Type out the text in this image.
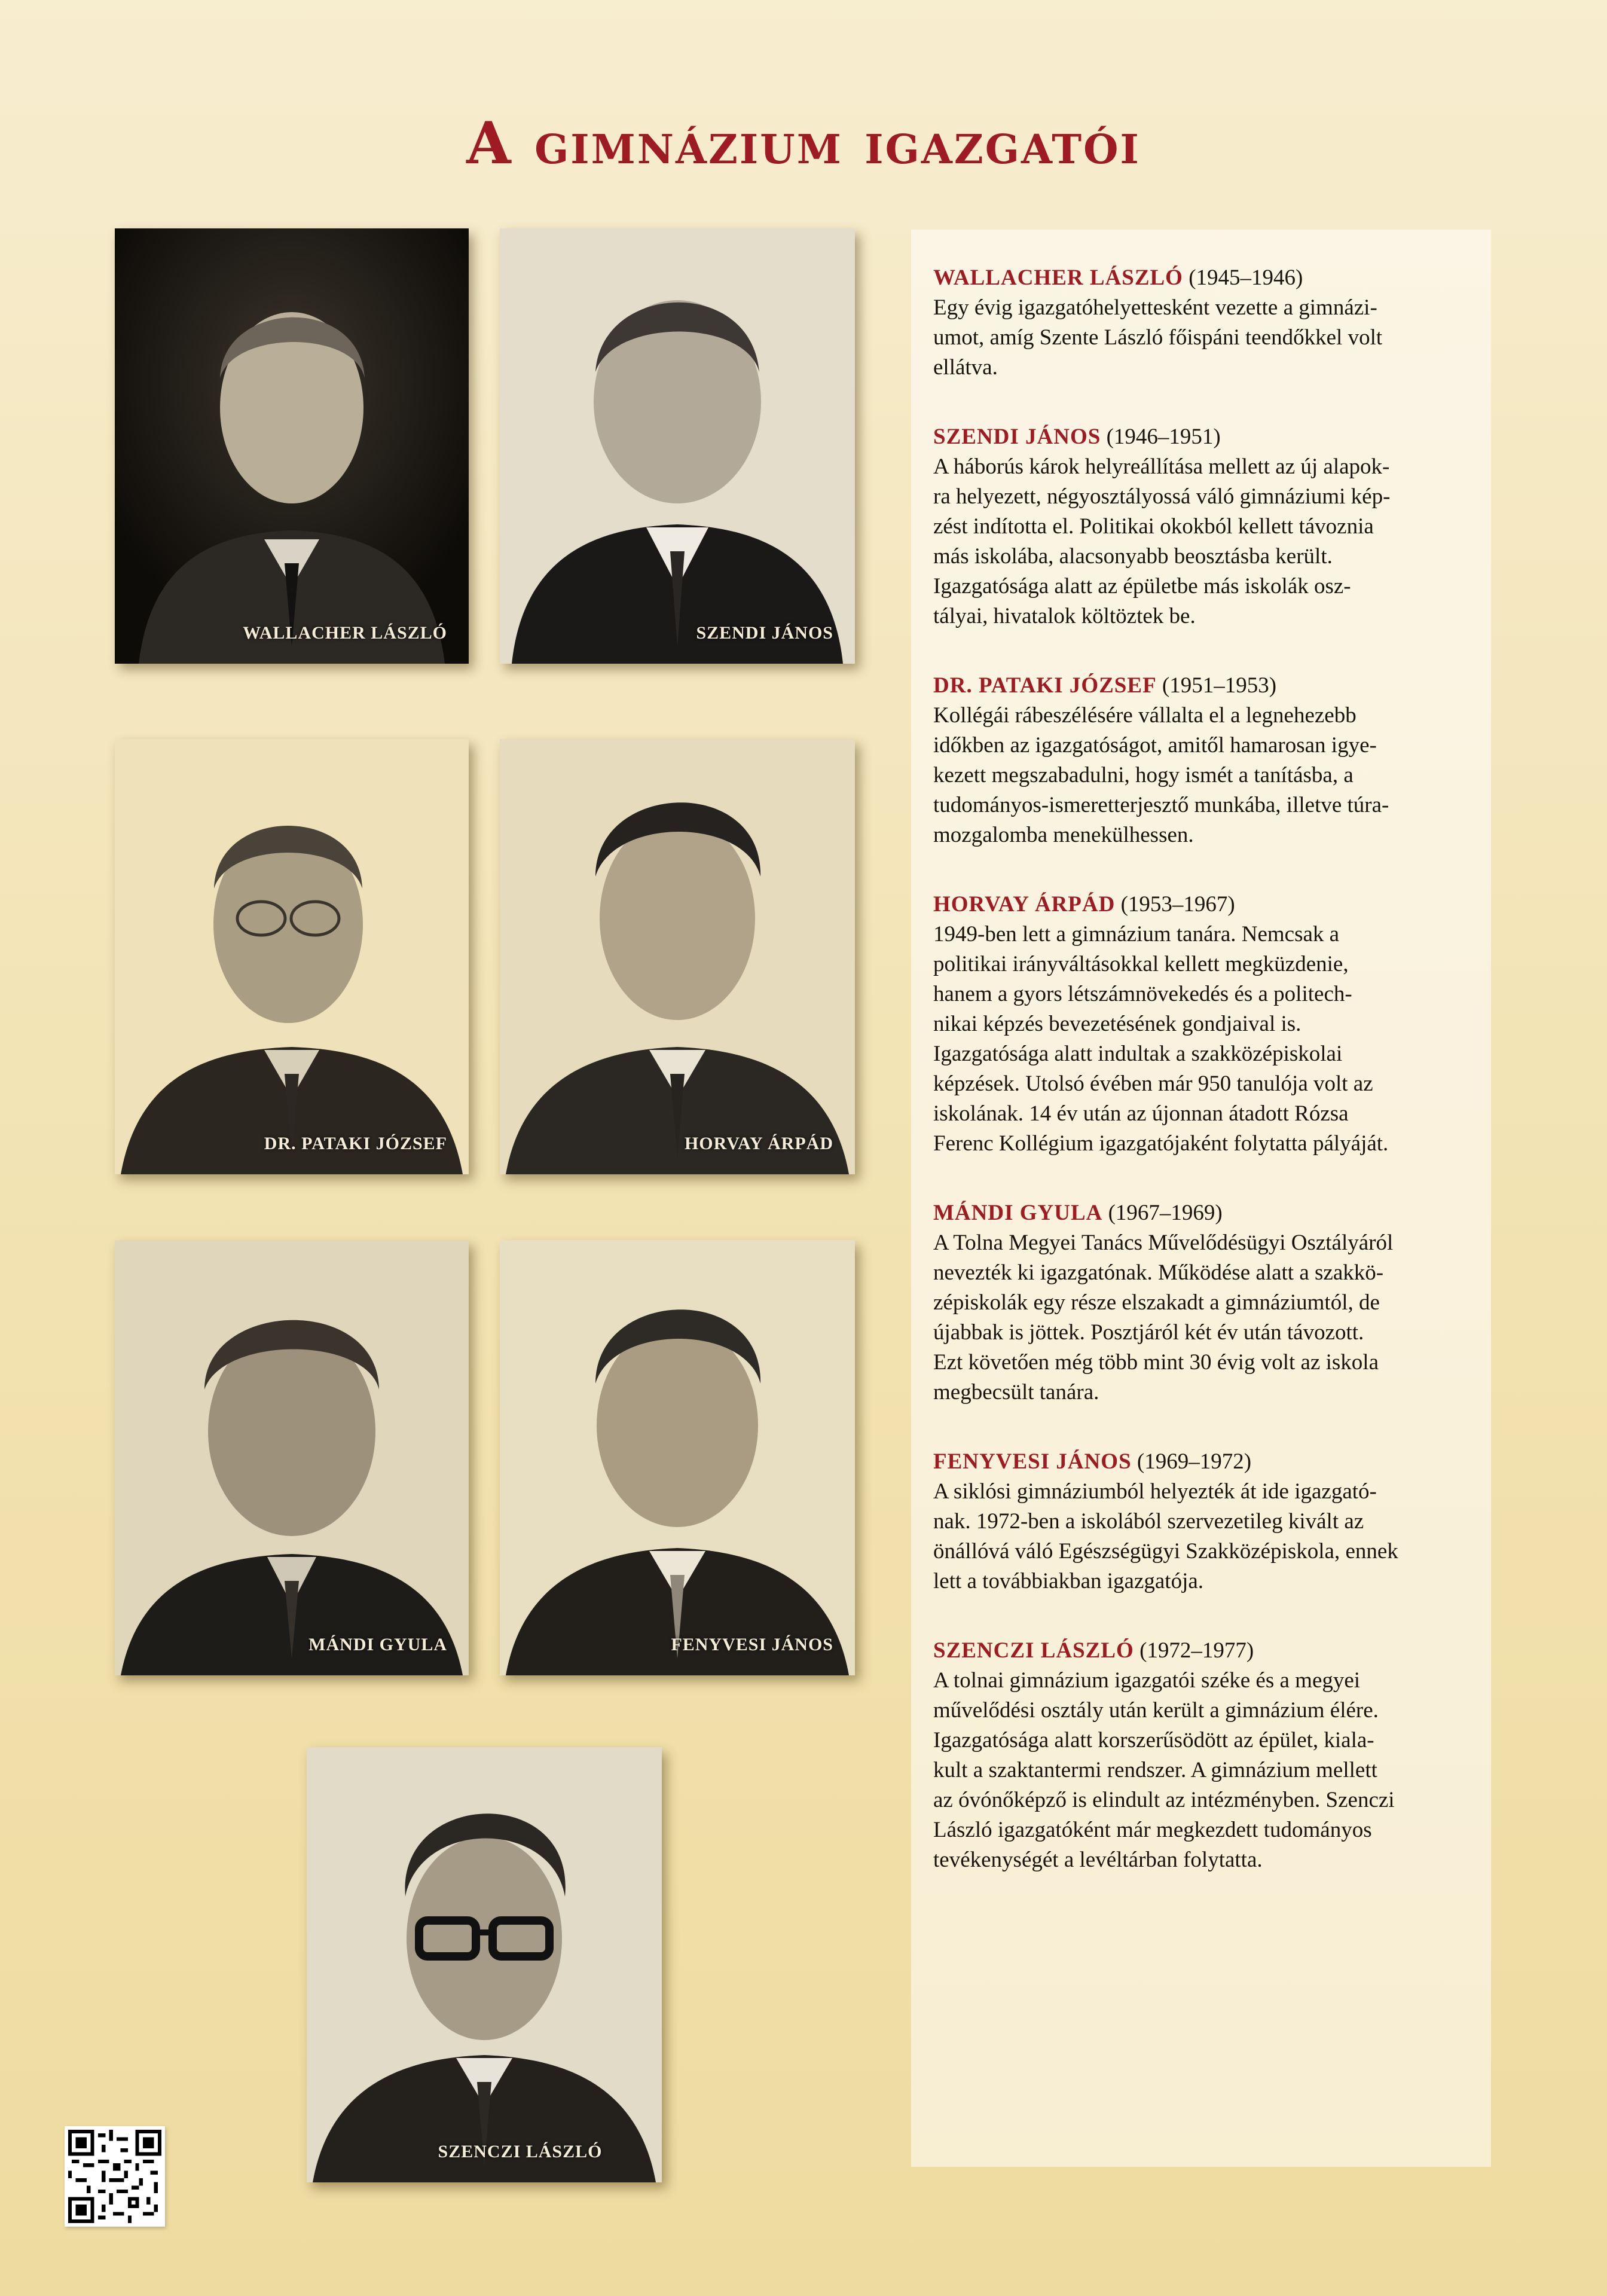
A gimnázium igazgatói
WALLACHER LÁSZLÓ	SZENDI JÁNOS
DR. PATAKI JÓZSEF	HORVAY ÁRPÁD
MÁNDI GYULA	FENYVESI JÁNOS
SZENCZI LÁSZLÓ
WALLACHER LÁSZLÓ (1945–1946)
Egy évig igazgatóhelyettesként vezette a gimnázi-
umot, amíg Szente László főispáni teendőkkel volt
ellátva.
SZENDI JÁNOS (1946–1951)
A háborús károk helyreállítása mellett az új alapok-
ra helyezett, négyosztályossá váló gimnáziumi kép-
zést indította el. Politikai okokból kellett távoznia
más iskolába, alacsonyabb beosztásba került.
Igazgatósága alatt az épületbe más iskolák osz-
tályai, hivatalok költöztek be.
DR. PATAKI JÓZSEF (1951–1953)
Kollégái rábeszélésére vállalta el a legnehezebb
időkben az igazgatóságot, amitől hamarosan igye-
kezett megszabadulni, hogy ismét a tanításba, a
tudományos-ismeretterjesztő munkába, illetve túra-
mozgalomba menekülhessen.
HORVAY ÁRPÁD (1953–1967)
1949-ben lett a gimnázium tanára. Nemcsak a
politikai irányváltásokkal kellett megküzdenie,
hanem a gyors létszámnövekedés és a politech-
nikai képzés bevezetésének gondjaival is.
Igazgatósága alatt indultak a szakközépiskolai
képzések. Utolsó évében már 950 tanulója volt az
iskolának. 14 év után az újonnan átadott Rózsa
Ferenc Kollégium igazgatójaként folytatta pályáját.
MÁNDI GYULA (1967–1969)
A Tolna Megyei Tanács Művelődésügyi Osztályáról
nevezték ki igazgatónak. Működése alatt a szakkö-
zépiskolák egy része elszakadt a gimnáziumtól, de
újabbak is jöttek. Posztjáról két év után távozott.
Ezt követően még több mint 30 évig volt az iskola
megbecsült tanára.
FENYVESI JÁNOS (1969–1972)
A siklósi gimnáziumból helyezték át ide igazgató-
nak. 1972-ben a iskolából szervezetileg kivált az
önállóvá váló Egészségügyi Szakközépiskola, ennek
lett a továbbiakban igazgatója.
SZENCZI LÁSZLÓ (1972–1977)
A tolnai gimnázium igazgatói széke és a megyei
művelődési osztály után került a gimnázium élére.
Igazgatósága alatt korszerűsödött az épület, kiala-
kult a szaktantermi rendszer. A gimnázium mellett
az óvónőképző is elindult az intézményben. Szenczi
László igazgatóként már megkezdett tudományos
tevékenységét a levéltárban folytatta.
